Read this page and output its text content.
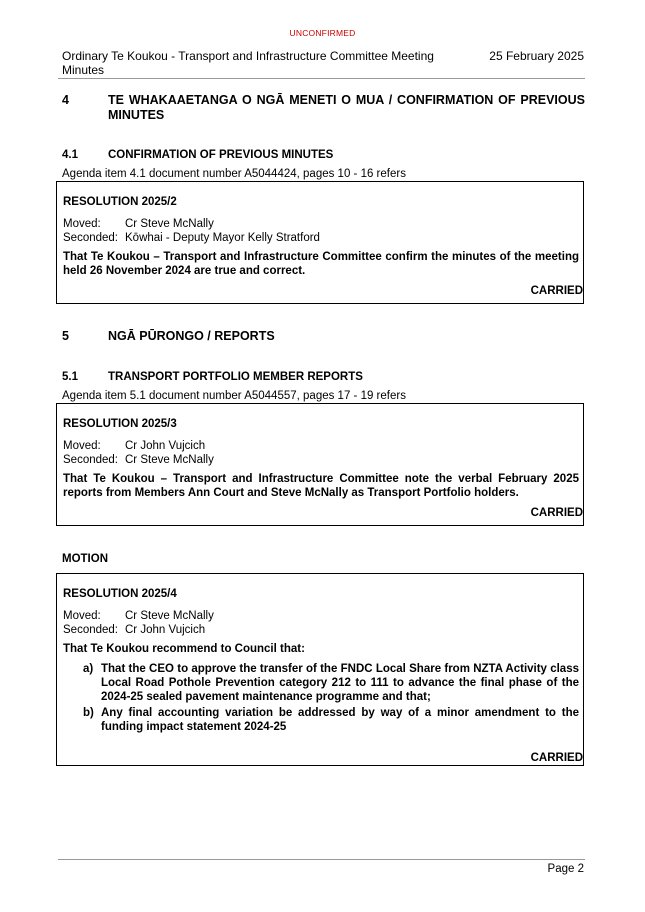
UNCONFIRMED
Ordinary Te Koukou - Transport and Infrastructure Committee Meeting Minutes
25 February 2025
4	TE WHAKAAETANGA O NGĀ MENETI O MUA / CONFIRMATION OF PREVIOUS MINUTES
4.1	CONFIRMATION OF PREVIOUS MINUTES
Agenda item 4.1 document number A5044424, pages 10 - 16 refers
RESOLUTION 2025/2
Moved: Cr Steve McNally
Seconded: Kōwhai - Deputy Mayor Kelly Stratford
That Te Koukou – Transport and Infrastructure Committee confirm the minutes of the meeting held 26 November 2024 are true and correct.
CARRIED
5	NGĀ PŪRONGO / REPORTS
5.1	TRANSPORT PORTFOLIO MEMBER REPORTS
Agenda item 5.1 document number A5044557, pages 17 - 19 refers
RESOLUTION 2025/3
Moved: Cr John Vujcich
Seconded: Cr Steve McNally
That Te Koukou – Transport and Infrastructure Committee note the verbal February 2025 reports from Members Ann Court and Steve McNally as Transport Portfolio holders.
CARRIED
MOTION
RESOLUTION 2025/4
Moved: Cr Steve McNally
Seconded: Cr John Vujcich
That Te Koukou recommend to Council that:
a) That the CEO to approve the transfer of the FNDC Local Share from NZTA Activity class Local Road Pothole Prevention category 212 to 111 to advance the final phase of the 2024-25 sealed pavement maintenance programme and that;
b) Any final accounting variation be addressed by way of a minor amendment to the funding impact statement 2024-25
CARRIED
Page 2
